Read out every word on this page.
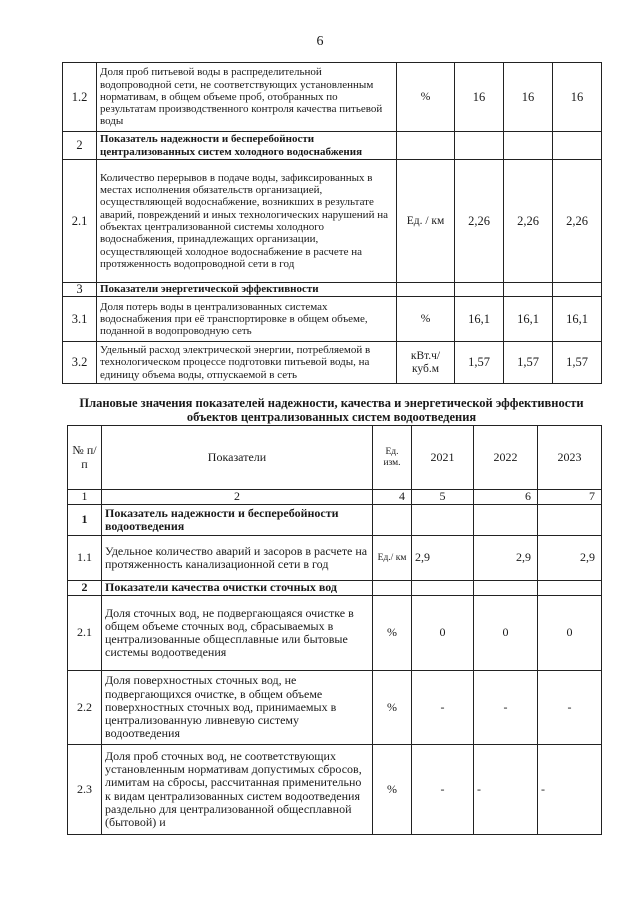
6
1.2	Доля проб питьевой воды в распределительной водопроводной сети, не соответствующих установленным нормативам, в общем объеме проб, отобранных по результатам производственного контроля качества питьевой воды	%	16	16	16
2	Показатель надежности и бесперебойности централизованных систем холодного водоснабжения				
2.1	Количество перерывов в подаче воды, зафиксированных в местах исполнения обязательств организацией, осуществляющей водоснабжение, возникших в результате аварий, повреждений и иных технологических нарушений на объектах централизованной системы холодного водоснабжения, принадлежащих организации, осуществляющей холодное водоснабжение в расчете на протяженность водопроводной сети в год	Ед. / км	2,26	2,26	2,26
3	Показатели энергетической эффективности				
3.1	Доля потерь воды в централизованных системах водоснабжения при её транспортировке в общем объеме, поданной в водопроводную сеть	%	16,1	16,1	16,1
3.2	Удельный расход электрической энергии, потребляемой в технологическом процессе подготовки питьевой воды, на единицу объема воды, отпускаемой в сеть	кВт.ч/ куб.м	1,57	1,57	1,57
Плановые значения показателей надежности, качества и энергетической эффективности объектов централизованных систем водоотведения
№ п/п	Показатели	Ед. изм.	2021	2022	2023
1	2	4	5	6	7
1	Показатель надежности и бесперебойности водоотведения				
1.1	Удельное количество аварий и засоров в расчете на протяженность канализационной сети в год	Ед./ км	2,9	2,9	2,9
2	Показатели качества очистки сточных вод				
2.1	Доля сточных вод, не подвергающаяся очистке в общем объеме сточных вод, сбрасываемых в централизованные общесплавные или бытовые системы водоотведения	%	0	0	0
2.2	Доля поверхностных сточных вод, не подвергающихся очистке, в общем объеме поверхностных сточных вод, принимаемых в централизованную ливневую систему водоотведения	%	-	-	-
2.3	Доля проб сточных вод, не соответствующих установленным нормативам допустимых сбросов, лимитам на сбросы, рассчитанная применительно к видам централизованных систем водоотведения раздельно для централизованной общесплавной (бытовой) и	%	-	-	-
